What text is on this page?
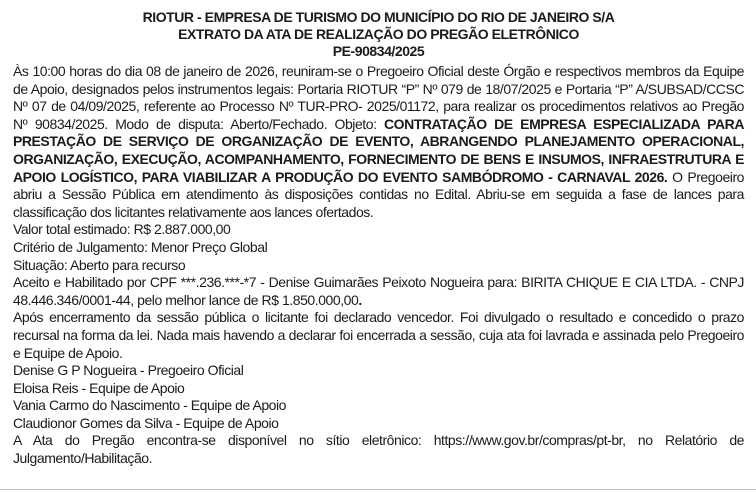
RIOTUR - EMPRESA DE TURISMO DO MUNICÍPIO DO RIO DE JANEIRO S/A
EXTRATO DA ATA DE REALIZAÇÃO DO PREGÃO ELETRÔNICO
PE-90834/2025

Às 10:00 horas do dia 08 de janeiro de 2026, reuniram-se o Pregoeiro Oficial deste Órgão e respectivos membros da Equipe de Apoio, designados pelos instrumentos legais: Portaria RIOTUR “P” Nº 079 de 18/07/2025 e Portaria “P” A/SUBSAD/CCSC Nº 07 de 04/09/2025, referente ao Processo Nº TUR-PRO- 2025/01172, para realizar os procedimentos relativos ao Pregão Nº 90834/2025. Modo de disputa: Aberto/Fechado. Objeto: CONTRATAÇÃO DE EMPRESA ESPECIALIZADA PARA PRESTAÇÃO DE SERVIÇO DE ORGANIZAÇÃO DE EVENTO, ABRANGENDO PLANEJAMENTO OPERACIONAL, ORGANIZAÇÃO, EXECUÇÃO, ACOMPANHAMENTO, FORNECIMENTO DE BENS E INSUMOS, INFRAESTRUTURA E APOIO LOGÍSTICO, PARA VIABILIZAR A PRODUÇÃO DO EVENTO SAMBÓDROMO - CARNAVAL 2026. O Pregoeiro abriu a Sessão Pública em atendimento às disposições contidas no Edital. Abriu-se em seguida a fase de lances para classificação dos licitantes relativamente aos lances ofertados.

Valor total estimado: R$ 2.887.000,00

Critério de Julgamento: Menor Preço Global

Situação: Aberto para recurso

Aceito e Habilitado por CPF ***.236.***-*7 - Denise Guimarães Peixoto Nogueira para: BIRITA CHIQUE E CIA LTDA. - CNPJ 48.446.346/0001-44, pelo melhor lance de R$ 1.850.000,00.

Após encerramento da sessão pública o licitante foi declarado vencedor. Foi divulgado o resultado e concedido o prazo recursal na forma da lei. Nada mais havendo a declarar foi encerrada a sessão, cuja ata foi lavrada e assinada pelo Pregoeiro e Equipe de Apoio.

Denise G P Nogueira - Pregoeiro Oficial

Eloisa Reis - Equipe de Apoio

Vania Carmo do Nascimento - Equipe de Apoio

Claudionor Gomes da Silva - Equipe de Apoio

A Ata do Pregão encontra-se disponível no sítio eletrônico: https://www.gov.br/compras/pt-br, no Relatório de Julgamento/Habilitação.
